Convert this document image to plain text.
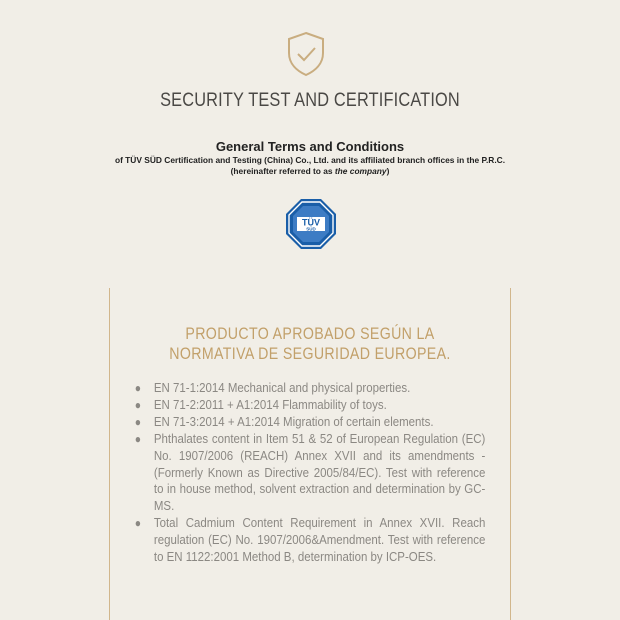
SECURITY TEST AND CERTIFICATION
General Terms and Conditions
of TÜV SÜD Certification and Testing (China) Co., Ltd. and its affiliated branch offices in the P.R.C.
(hereinafter referred to as the company)
TÜV
SÜD
PRODUCTO APROBADO SEGÚN LA
NORMATIVA DE SEGURIDAD EUROPEA.
● EN 71-1:2014 Mechanical and physical properties.
● EN 71-2:2011 + A1:2014 Flammability of toys.
● EN 71-3:2014 + A1:2014 Migration of certain elements.
● Phthalates content in Item 51 & 52 of European Regulation (EC) No. 1907/2006 (REACH) Annex XVII and its amendments - (Formerly Known as Directive 2005/84/EC). Test with reference to in house method, solvent extraction and determination by GC-MS.
● Total Cadmium Content Requirement in Annex XVII. Reach regulation (EC) No. 1907/2006&Amendment. Test with reference to EN 1122:2001 Method B, determination by ICP-OES.
